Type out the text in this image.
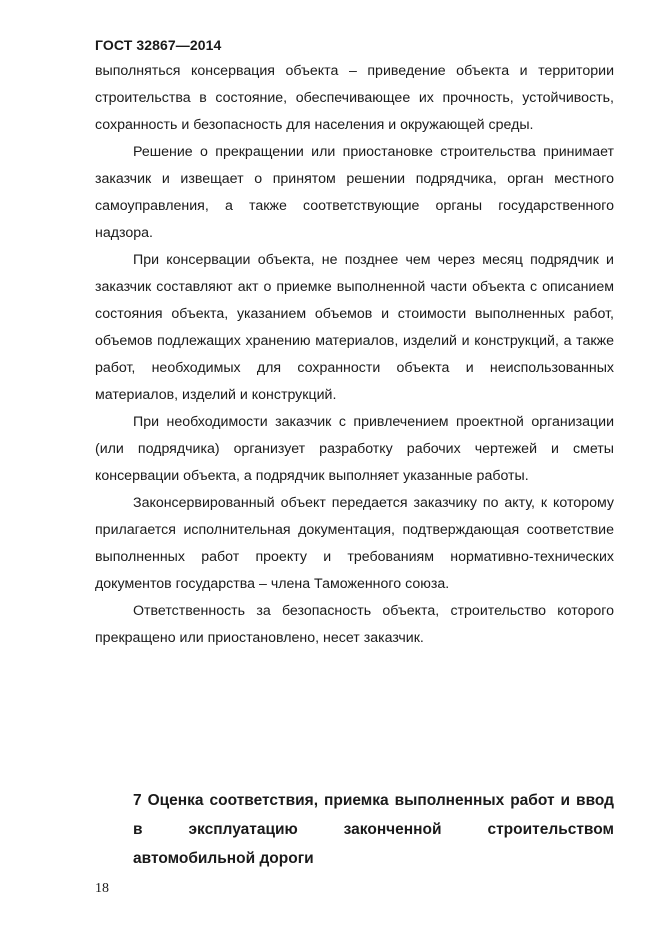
ГОСТ 32867—2014

выполняться консервация объекта – приведение объекта и территории строительства в состояние, обеспечивающее их прочность, устойчивость, сохранность и безопасность для населения и окружающей среды.

Решение о прекращении или приостановке строительства принимает заказчик и извещает о принятом решении подрядчика, орган местного самоуправления, а также соответствующие органы государственного надзора.

При консервации объекта, не позднее чем через месяц подрядчик и заказчик составляют акт о приемке выполненной части объекта с описанием состояния объекта, указанием объемов и стоимости выполненных работ, объемов подлежащих хранению материалов, изделий и конструкций, а также работ, необходимых для сохранности объекта и неиспользованных материалов, изделий и конструкций.

При необходимости заказчик с привлечением проектной организации (или подрядчика) организует разработку рабочих чертежей и сметы консервации объекта, а подрядчик выполняет указанные работы.

Законсервированный объект передается заказчику по акту, к которому прилагается исполнительная документация, подтверждающая соответствие выполненных работ проекту и требованиям нормативно-технических документов государства – члена Таможенного союза.

Ответственность за безопасность объекта, строительство которого прекращено или приостановлено, несет заказчик.

7 Оценка соответствия, приемка выполненных работ и ввод в эксплуатацию законченной строительством автомобильной дороги
18
